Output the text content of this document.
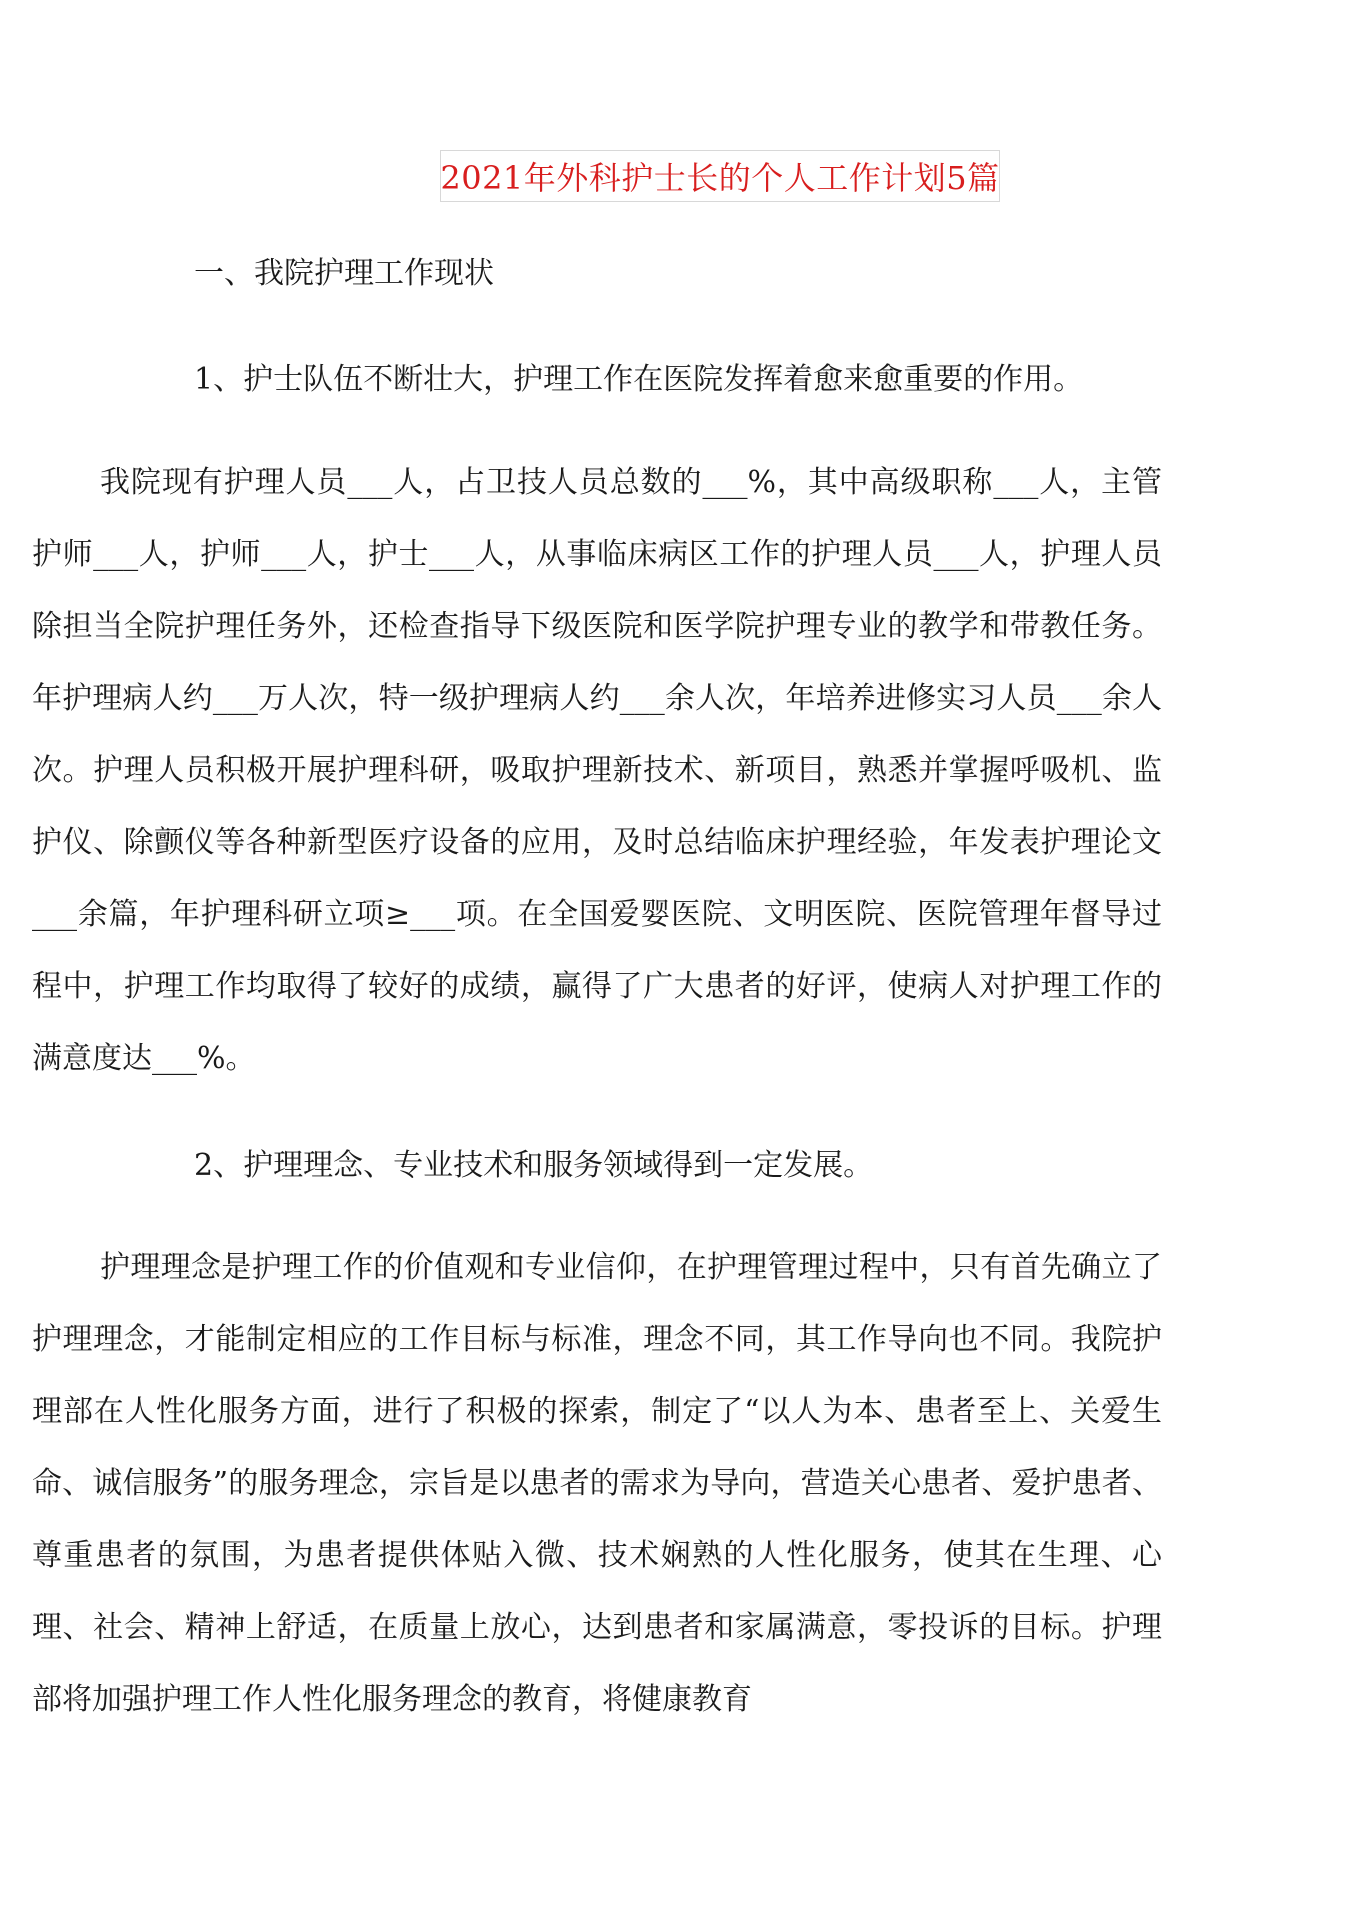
2021年外科护士长的个人工作计划5篇
一、我院护理工作现状
1、护士队伍不断壮大，护理工作在医院发挥着愈来愈重要的作用。

我院现有护理人员___人，占卫技人员总数的___%，其中高级职称___人，主管护师___人，护师___人，护士___人，从事临床病区工作的护理人员___人，护理人员除担当全院护理任务外，还检查指导下级医院和医学院护理专业的教学和带教任务。年护理病人约___万人次，特一级护理病人约___余人次，年培养进修实习人员___余人次。护理人员积极开展护理科研，吸取护理新技术、新项目，熟悉并掌握呼吸机、监护仪、除颤仪等各种新型医疗设备的应用，及时总结临床护理经验，年发表护理论文___余篇，年护理科研立项≥___项。在全国爱婴医院、文明医院、医院管理年督导过程中，护理工作均取得了较好的成绩，赢得了广大患者的好评，使病人对护理工作的满意度达___%。

2、护理理念、专业技术和服务领域得到一定发展。

护理理念是护理工作的价值观和专业信仰，在护理管理过程中，只有首先确立了护理理念，才能制定相应的工作目标与标准，理念不同，其工作导向也不同。我院护理部在人性化服务方面，进行了积极的探索，制定了“以人为本、患者至上、关爱生命、诚信服务”的服务理念，宗旨是以患者的需求为导向，营造关心患者、爱护患者、尊重患者的氛围，为患者提供体贴入微、技术娴熟的人性化服务，使其在生理、心理、社会、精神上舒适，在质量上放心，达到患者和家属满意，零投诉的目标。护理部将加强护理工作人性化服务理念的教育，将健康教育
